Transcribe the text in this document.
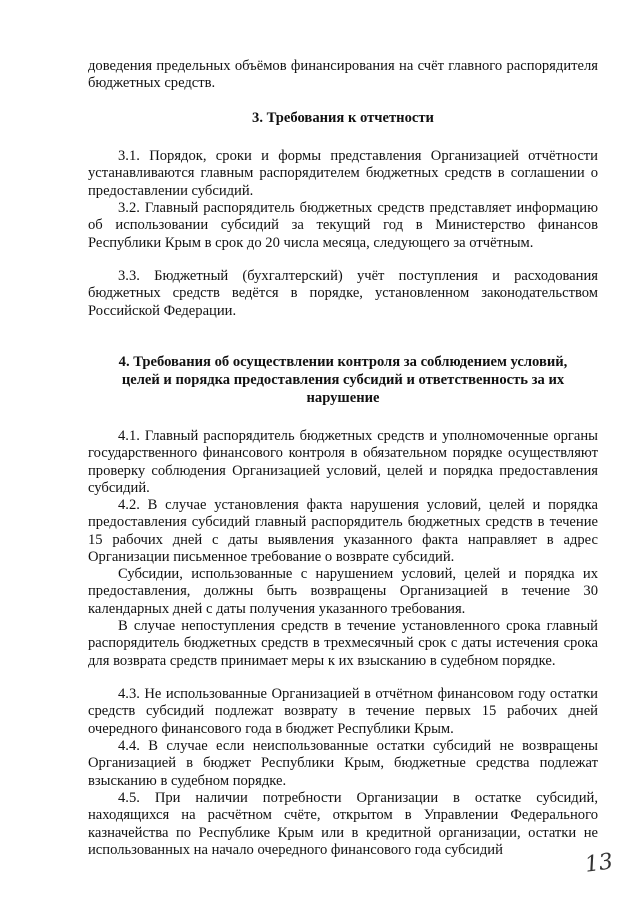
доведения предельных объёмов финансирования на счёт главного распорядителя бюджетных средств.

3. Требования к отчетности

3.1. Порядок, сроки и формы представления Организацией отчётности устанавливаются главным распорядителем бюджетных средств в соглашении о предоставлении субсидий.

3.2. Главный распорядитель бюджетных средств представляет информацию об использовании субсидий за текущий год в Министерство финансов Республики Крым в срок до 20 числа месяца, следующего за отчётным.

3.3. Бюджетный (бухгалтерский) учёт поступления и расходования бюджетных средств ведётся в порядке, установленном законодательством Российской Федерации.

4. Требования об осуществлении контроля за соблюдением условий,

целей и порядка предоставления субсидий и ответственность за их

нарушение

4.1. Главный распорядитель бюджетных средств и уполномоченные органы государственного финансового контроля в обязательном порядке осуществляют проверку соблюдения Организацией условий, целей и порядка предоставления субсидий.

4.2. В случае установления факта нарушения условий, целей и порядка предоставления субсидий главный распорядитель бюджетных средств в течение 15 рабочих дней с даты выявления указанного факта направляет в адрес Организации письменное требование о возврате субсидий.

Субсидии, использованные с нарушением условий, целей и порядка их предоставления, должны быть возвращены Организацией в течение 30 календарных дней с даты получения указанного требования.

В случае непоступления средств в течение установленного срока главный распорядитель бюджетных средств в трехмесячный срок с даты истечения срока для возврата средств принимает меры к их взысканию в судебном порядке.

4.3. Не использованные Организацией в отчётном финансовом году остатки средств субсидий подлежат возврату в течение первых 15 рабочих дней очередного финансового года в бюджет Республики Крым.

4.4. В случае если неиспользованные остатки субсидий не возвращены Организацией в бюджет Республики Крым, бюджетные средства подлежат взысканию в судебном порядке.

4.5. При наличии потребности Организации в остатке субсидий, находящихся на расчётном счёте, открытом в Управлении Федерального казначейства по Республике Крым или в кредитной организации, остатки не использованных на начало очередного финансового года субсидий	13
